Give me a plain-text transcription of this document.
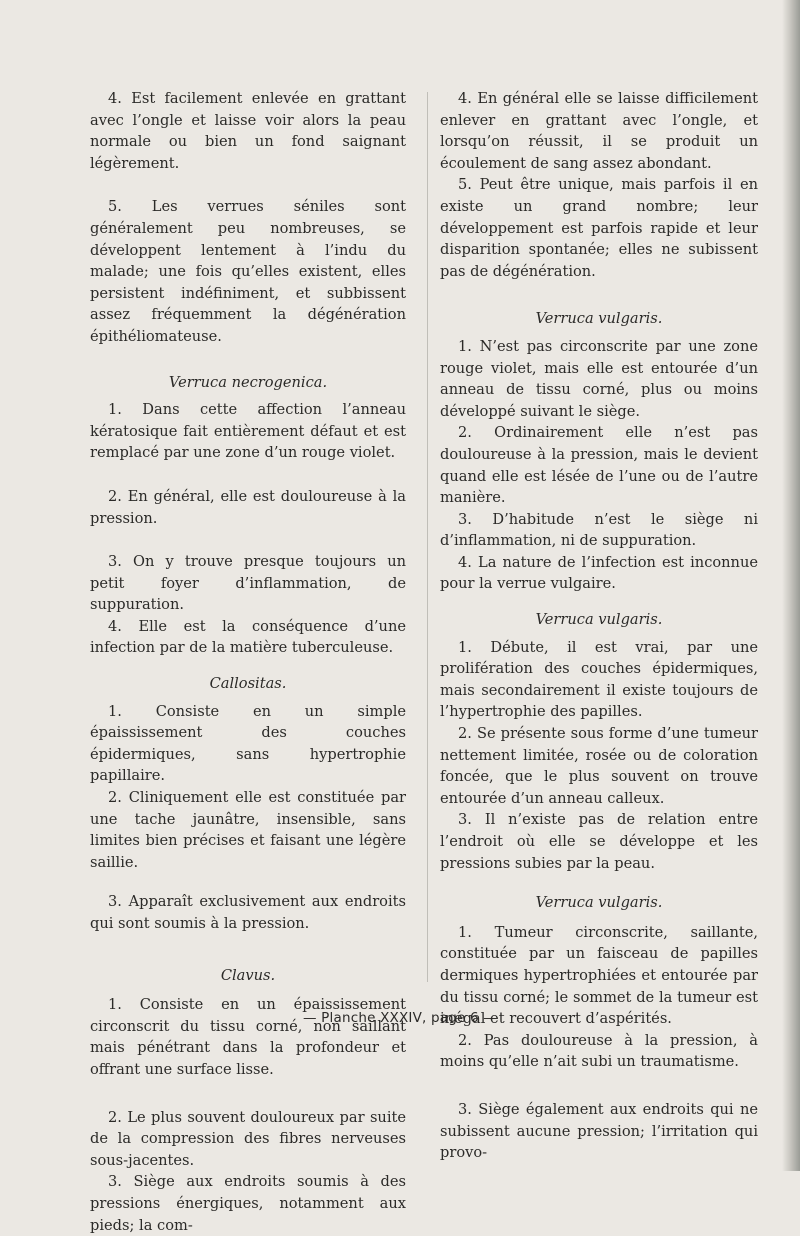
4. Est facilement enlevée en grattant avec l’ongle et laisse voir alors la peau normale ou bien un fond saignant légèrement.

5. Les verrues séniles sont généralement peu nombreuses, se développent lentement à l’indu du malade; une fois qu’elles existent, elles persistent indéfiniment, et subbissent assez fréquemment la dégénération épithéliomateuse.

Verruca necrogenica.

1. Dans cette affection l’anneau kératosique fait entièrement défaut et est remplacé par une zone d’un rouge violet.

2. En général, elle est douloureuse à la pression.

3. On y trouve presque toujours un petit foyer d’inflammation, de suppuration.

4. Elle est la conséquence d’une infection par de la matière tuberculeuse.

Callositas.

1. Consiste en un simple épaississement des couches épidermiques, sans hypertrophie papillaire.

2. Cliniquement elle est constituée par une tache jaunâtre, insensible, sans limites bien précises et faisant une légère saillie.

3. Apparaît exclusivement aux endroits qui sont soumis à la pression.

Clavus.

1. Consiste en un épaississement circonscrit du tissu corné, non saillant mais pénétrant dans la profondeur et offrant une surface lisse.

2. Le plus souvent douloureux par suite de la compression des fibres nerveuses sous-jacentes.

3. Siège aux endroits soumis à des pressions énergiques, notamment aux pieds; la com-

4. En général elle se laisse difficilement enlever en grattant avec l’ongle, et lorsqu’on réussit, il se produit un écoulement de sang assez abondant.

5. Peut être unique, mais parfois il en existe un grand nombre; leur développement est parfois rapide et leur disparition spontanée; elles ne subissent pas de dégénération.

Verruca vulgaris.

1. N’est pas circonscrite par une zone rouge violet, mais elle est entourée d’un anneau de tissu corné, plus ou moins développé suivant le siège.

2. Ordinairement elle n’est pas douloureuse à la pression, mais le devient quand elle est lésée de l’une ou de l’autre manière.

3. D’habitude n’est le siège ni d’inflammation, ni de suppuration.

4. La nature de l’infection est inconnue pour la verrue vulgaire.

Verruca vulgaris.

1. Débute, il est vrai, par une prolifération des couches épidermiques, mais secondairement il existe toujours de l’hypertrophie des papilles.

2. Se présente sous forme d’une tumeur nettement limitée, rosée ou de coloration foncée, que le plus souvent on trouve entourée d’un anneau calleux.

3. Il n’existe pas de relation entre l’endroit où elle se développe et les pressions subies par la peau.

Verruca vulgaris.

1. Tumeur circonscrite, saillante, constituée par un faisceau de papilles dermiques hypertrophiées et entourée par du tissu corné; le sommet de la tumeur est inégal et recouvert d’aspérités.

2. Pas douloureuse à la pression, à moins qu’elle n’ait subi un traumatisme.

3. Siège également aux endroits qui ne subissent aucune pression; l’irritation qui provo-

— Planche XXXIV, page 6 —
